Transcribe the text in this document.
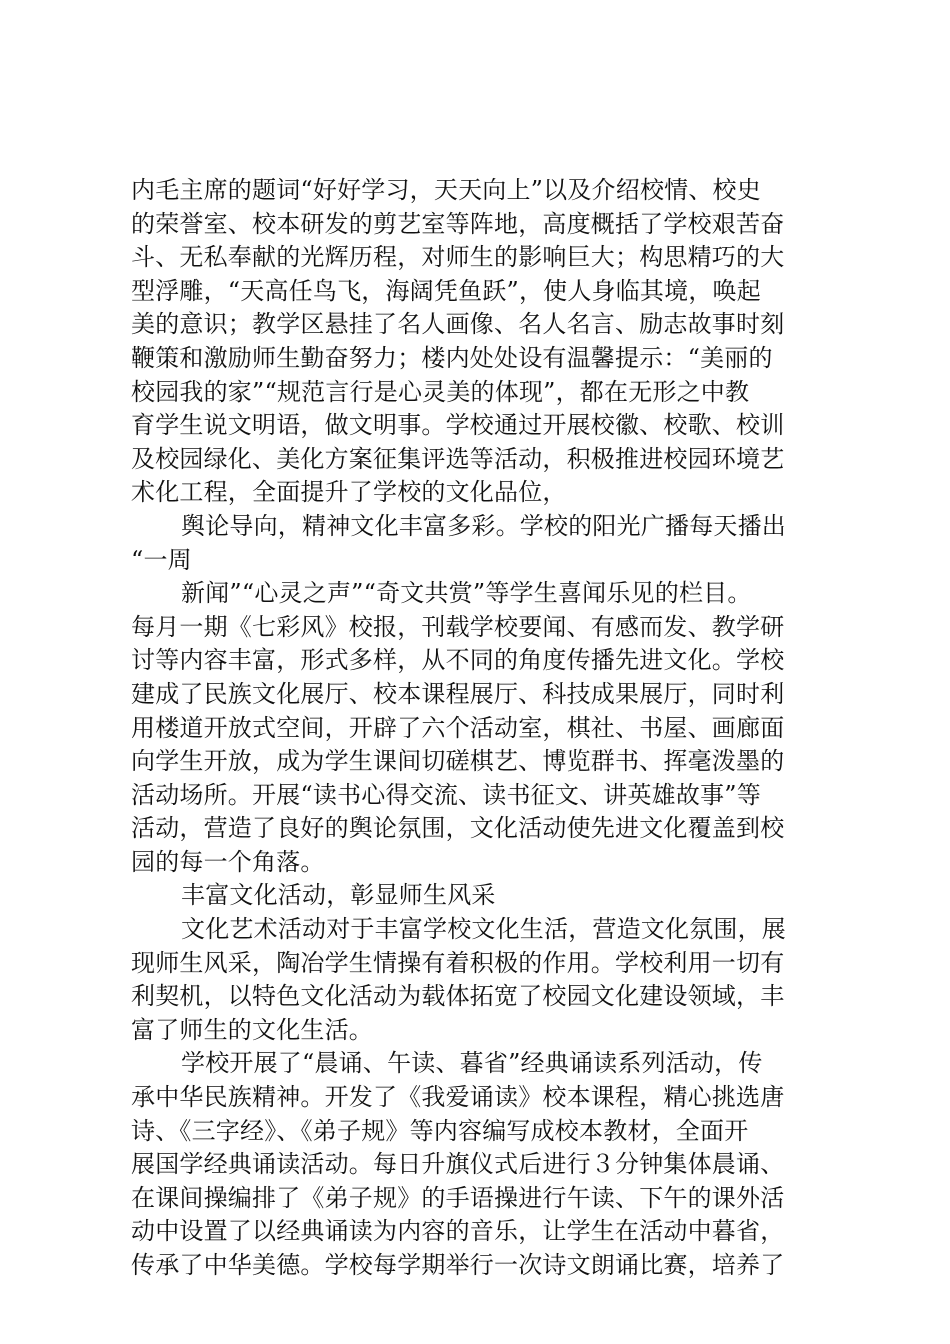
内毛主席的题词“好好学习，天天向上”以及介绍校情、校史
的荣誉室、校本研发的剪艺室等阵地，高度概括了学校艰苦奋
斗、无私奉献的光辉历程，对师生的影响巨大；构思精巧的大
型浮雕，“天高任鸟飞，海阔凭鱼跃”，使人身临其境，唤起
美的意识；教学区悬挂了名人画像、名人名言、励志故事时刻
鞭策和激励师生勤奋努力；楼内处处设有温馨提示：“美丽的
校园我的家”“规范言行是心灵美的体现”，都在无形之中教
育学生说文明语，做文明事。学校通过开展校徽、校歌、校训
及校园绿化、美化方案征集评选等活动，积极推进校园环境艺
术化工程，全面提升了学校的文化品位，
舆论导向，精神文化丰富多彩。学校的阳光广播每天播出
“一周
新闻”“心灵之声”“奇文共赏”等学生喜闻乐见的栏目。
每月一期《七彩风》校报，刊载学校要闻、有感而发、教学研
讨等内容丰富，形式多样，从不同的角度传播先进文化。学校
建成了民族文化展厅、校本课程展厅、科技成果展厅，同时利
用楼道开放式空间，开辟了六个活动室，棋社、书屋、画廊面
向学生开放，成为学生课间切磋棋艺、博览群书、挥毫泼墨的
活动场所。开展“读书心得交流、读书征文、讲英雄故事”等
活动，营造了良好的舆论氛围，文化活动使先进文化覆盖到校
园的每一个角落。
丰富文化活动，彰显师生风采
文化艺术活动对于丰富学校文化生活，营造文化氛围，展
现师生风采，陶冶学生情操有着积极的作用。学校利用一切有
利契机，以特色文化活动为载体拓宽了校园文化建设领域，丰
富了师生的文化生活。
学校开展了“晨诵、午读、暮省”经典诵读系列活动，传
承中华民族精神。开发了《我爱诵读》校本课程，精心挑选唐
诗、《三字经》、《弟子规》等内容编写成校本教材，全面开
展国学经典诵读活动。每日升旗仪式后进行３分钟集体晨诵、
在课间操编排了《弟子规》的手语操进行午读、下午的课外活
动中设置了以经典诵读为内容的音乐，让学生在活动中暮省，
传承了中华美德。学校每学期举行一次诗文朗诵比赛，培养了
